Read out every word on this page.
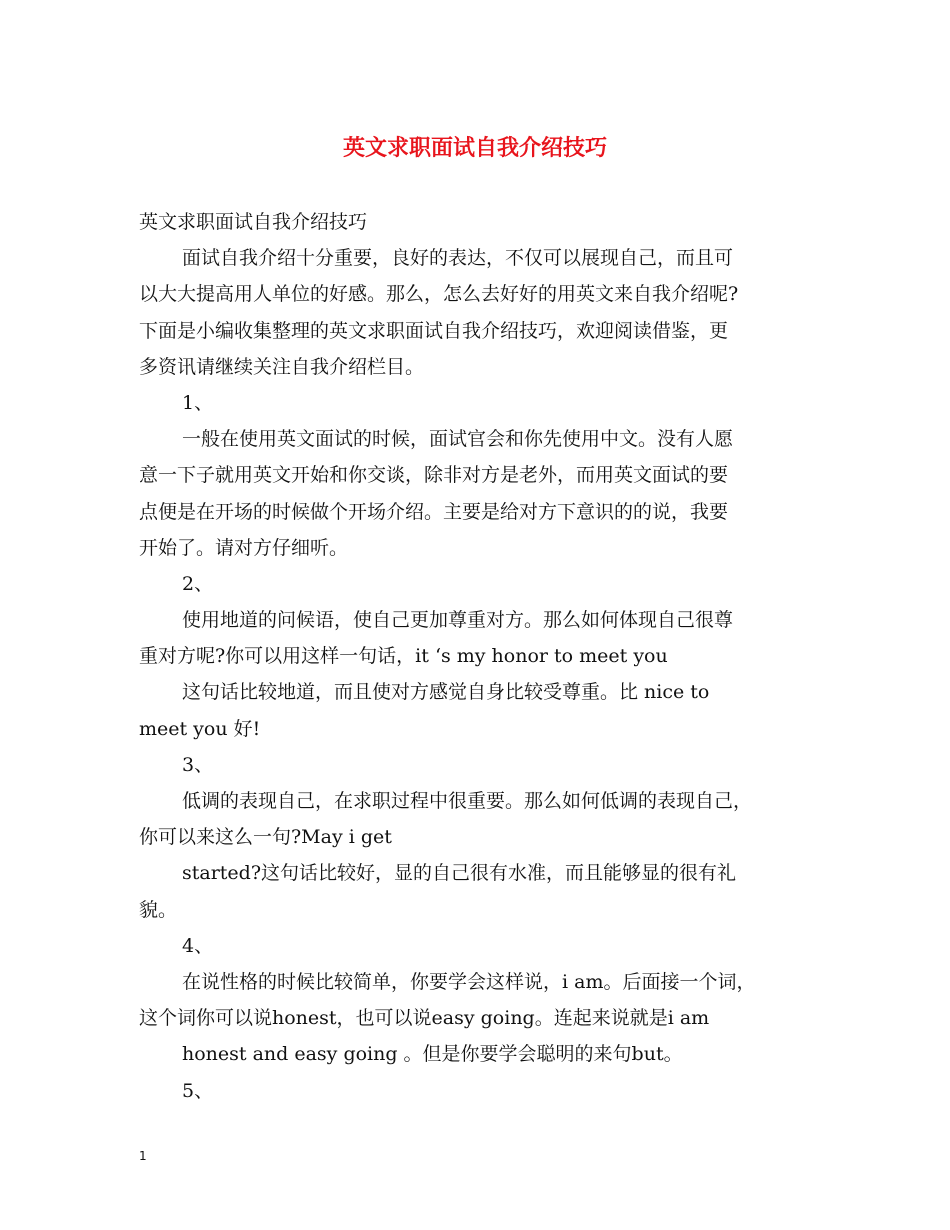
英文求职面试自我介绍技巧
英文求职面试自我介绍技巧
面试自我介绍十分重要，良好的表达，不仅可以展现自己，而且可
以大大提高用人单位的好感。那么，怎么去好好的用英文来自我介绍呢?
下面是小编收集整理的英文求职面试自我介绍技巧，欢迎阅读借鉴，更
多资讯请继续关注自我介绍栏目。
1、
一般在使用英文面试的时候，面试官会和你先使用中文。没有人愿
意一下子就用英文开始和你交谈，除非对方是老外，而用英文面试的要
点便是在开场的时候做个开场介绍。主要是给对方下意识的的说，我要
开始了。请对方仔细听。
2、
使用地道的问候语，使自己更加尊重对方。那么如何体现自己很尊
重对方呢?你可以用这样一句话，it ‘s my honor to meet you
这句话比较地道，而且使对方感觉自身比较受尊重。比 nice to
meet you 好!
3、
低调的表现自己，在求职过程中很重要。那么如何低调的表现自己，
你可以来这么一句?May i get
started?这句话比较好，显的自己很有水准，而且能够显的很有礼
貌。
4、
在说性格的时候比较简单，你要学会这样说，i am。后面接一个词，
这个词你可以说honest，也可以说easy going。连起来说就是i am
honest and easy going 。但是你要学会聪明的来句but。
5、
1
